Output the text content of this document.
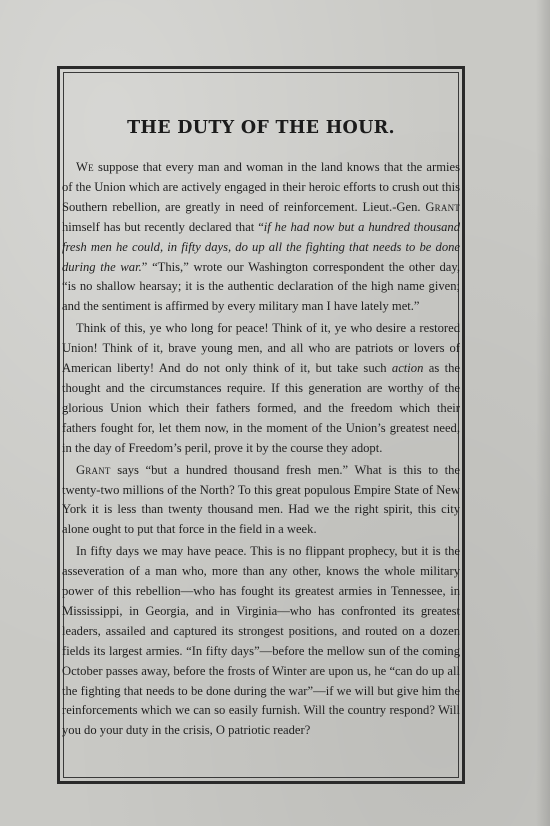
THE DUTY OF THE HOUR.

We suppose that every man and woman in the land knows that the armies of the Union which are actively engaged in their heroic efforts to crush out this Southern rebellion, are greatly in need of reinforcement. Lieut.-Gen. Grant himself has but recently declared that “if he had now but a hundred thousand fresh men he could, in fifty days, do up all the fighting that needs to be done during the war.” “This,” wrote our Washington correspondent the other day, “is no shallow hearsay; it is the authentic declaration of the high name given; and the sentiment is affirmed by every military man I have lately met.”

Think of this, ye who long for peace! Think of it, ye who desire a restored Union! Think of it, brave young men, and all who are patriots or lovers of American liberty! And do not only think of it, but take such action as the thought and the circumstances require. If this generation are worthy of the glorious Union which their fathers formed, and the freedom which their fathers fought for, let them now, in the moment of the Union’s greatest need, in the day of Freedom’s peril, prove it by the course they adopt.

Grant says “but a hundred thousand fresh men.” What is this to the twenty-two millions of the North? To this great populous Empire State of New York it is less than twenty thousand men. Had we the right spirit, this city alone ought to put that force in the field in a week.

In fifty days we may have peace. This is no flippant prophecy, but it is the asseveration of a man who, more than any other, knows the whole military power of this rebellion—who has fought its greatest armies in Tennessee, in Mississippi, in Georgia, and in Virginia—who has confronted its greatest leaders, assailed and captured its strongest positions, and routed on a dozen fields its largest armies. “In fifty days”—before the mellow sun of the coming October passes away, before the frosts of Winter are upon us, he “can do up all the fighting that needs to be done during the war”—if we will but give him the reinforcements which we can so easily furnish. Will the country respond? Will you do your duty in the crisis, O patriotic reader?
